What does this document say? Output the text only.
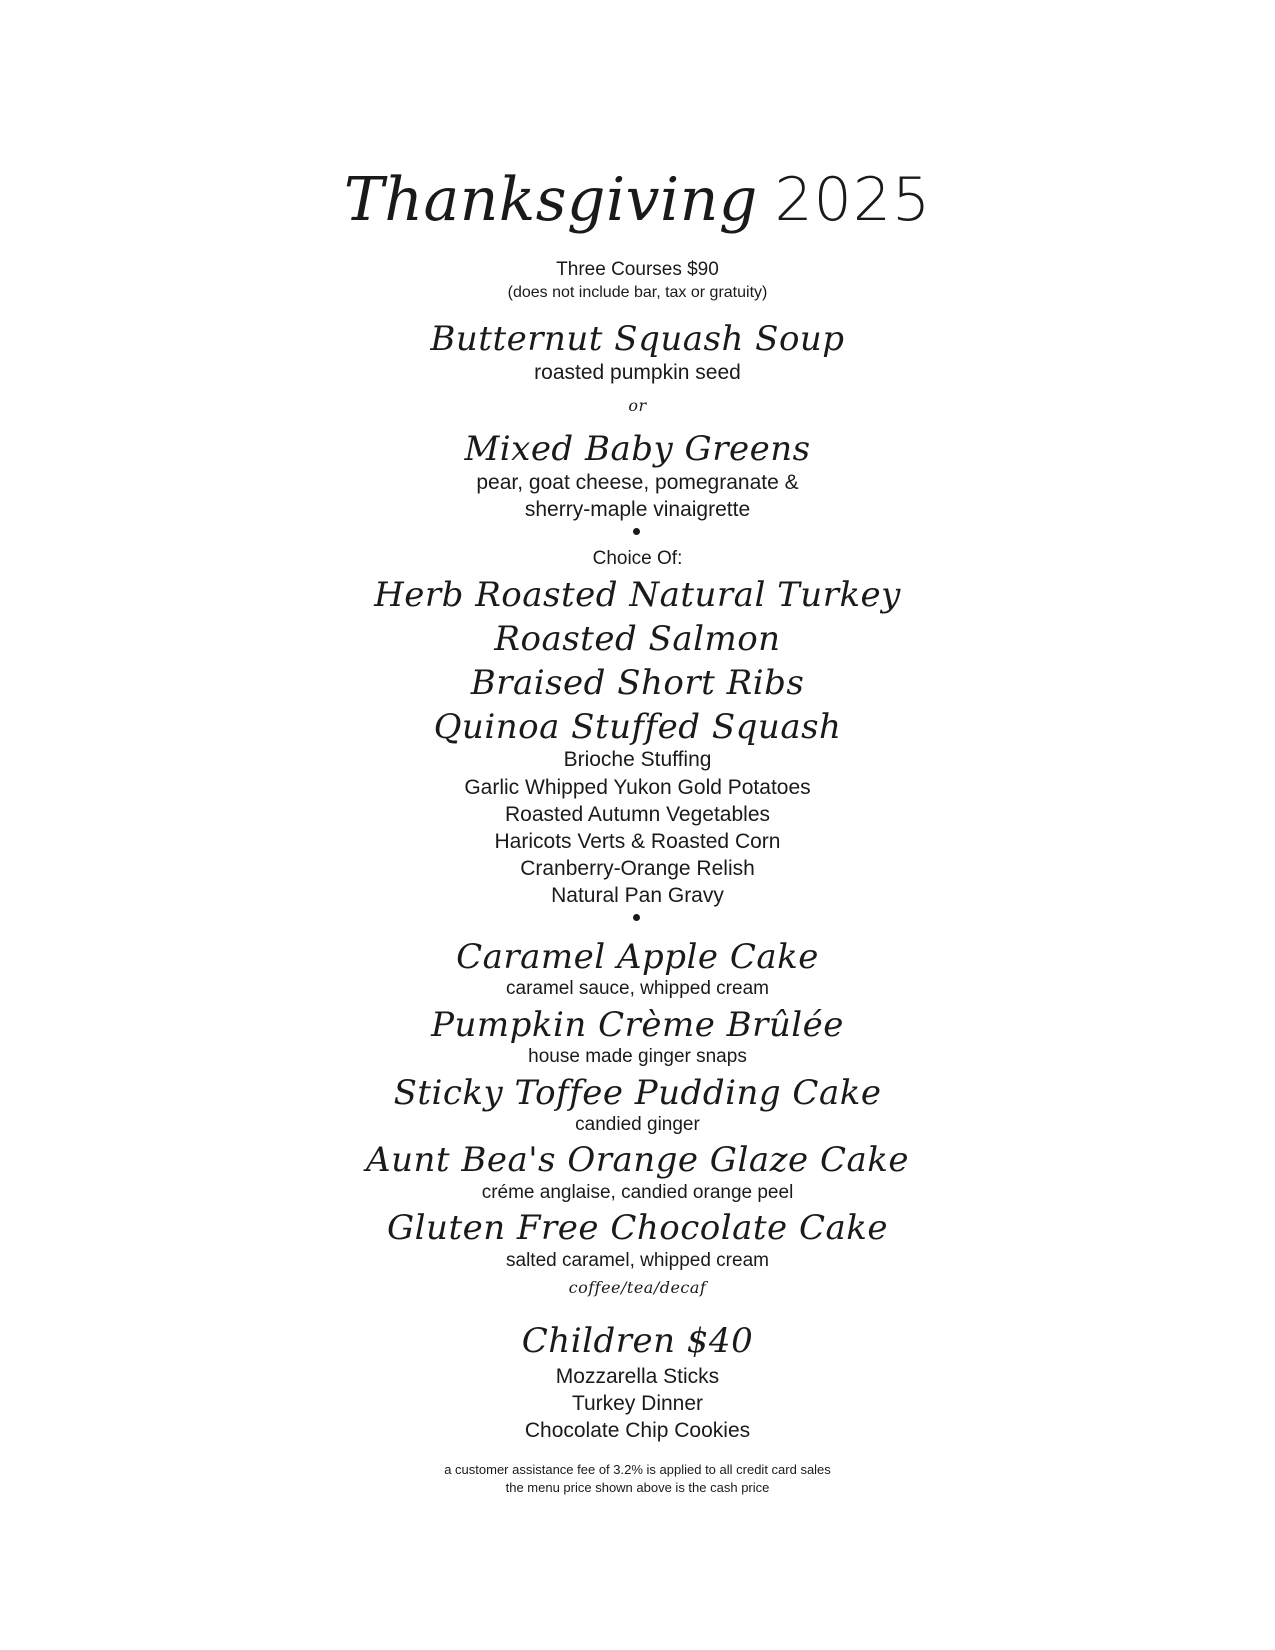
Thanksgiving 2025
Three Courses $90
(does not include bar, tax or gratuity)
Butternut Squash Soup
roasted pumpkin seed
or
Mixed Baby Greens
pear, goat cheese, pomegranate &
sherry-maple vinaigrette
Choice Of:
Herb Roasted Natural Turkey
Roasted Salmon
Braised Short Ribs
Quinoa Stuffed Squash
Brioche Stuffing
Garlic Whipped Yukon Gold Potatoes
Roasted Autumn Vegetables
Haricots Verts & Roasted Corn
Cranberry-Orange Relish
Natural Pan Gravy
Caramel Apple Cake
caramel sauce, whipped cream
Pumpkin Crème Brûlée
house made ginger snaps
Sticky Toffee Pudding Cake
candied ginger
Aunt Bea's Orange Glaze Cake
créme anglaise, candied orange peel
Gluten Free Chocolate Cake
salted caramel, whipped cream
coffee/tea/decaf
Children $40
Mozzarella Sticks
Turkey Dinner
Chocolate Chip Cookies
a customer assistance fee of 3.2% is applied to all credit card sales
the menu price shown above is the cash price
